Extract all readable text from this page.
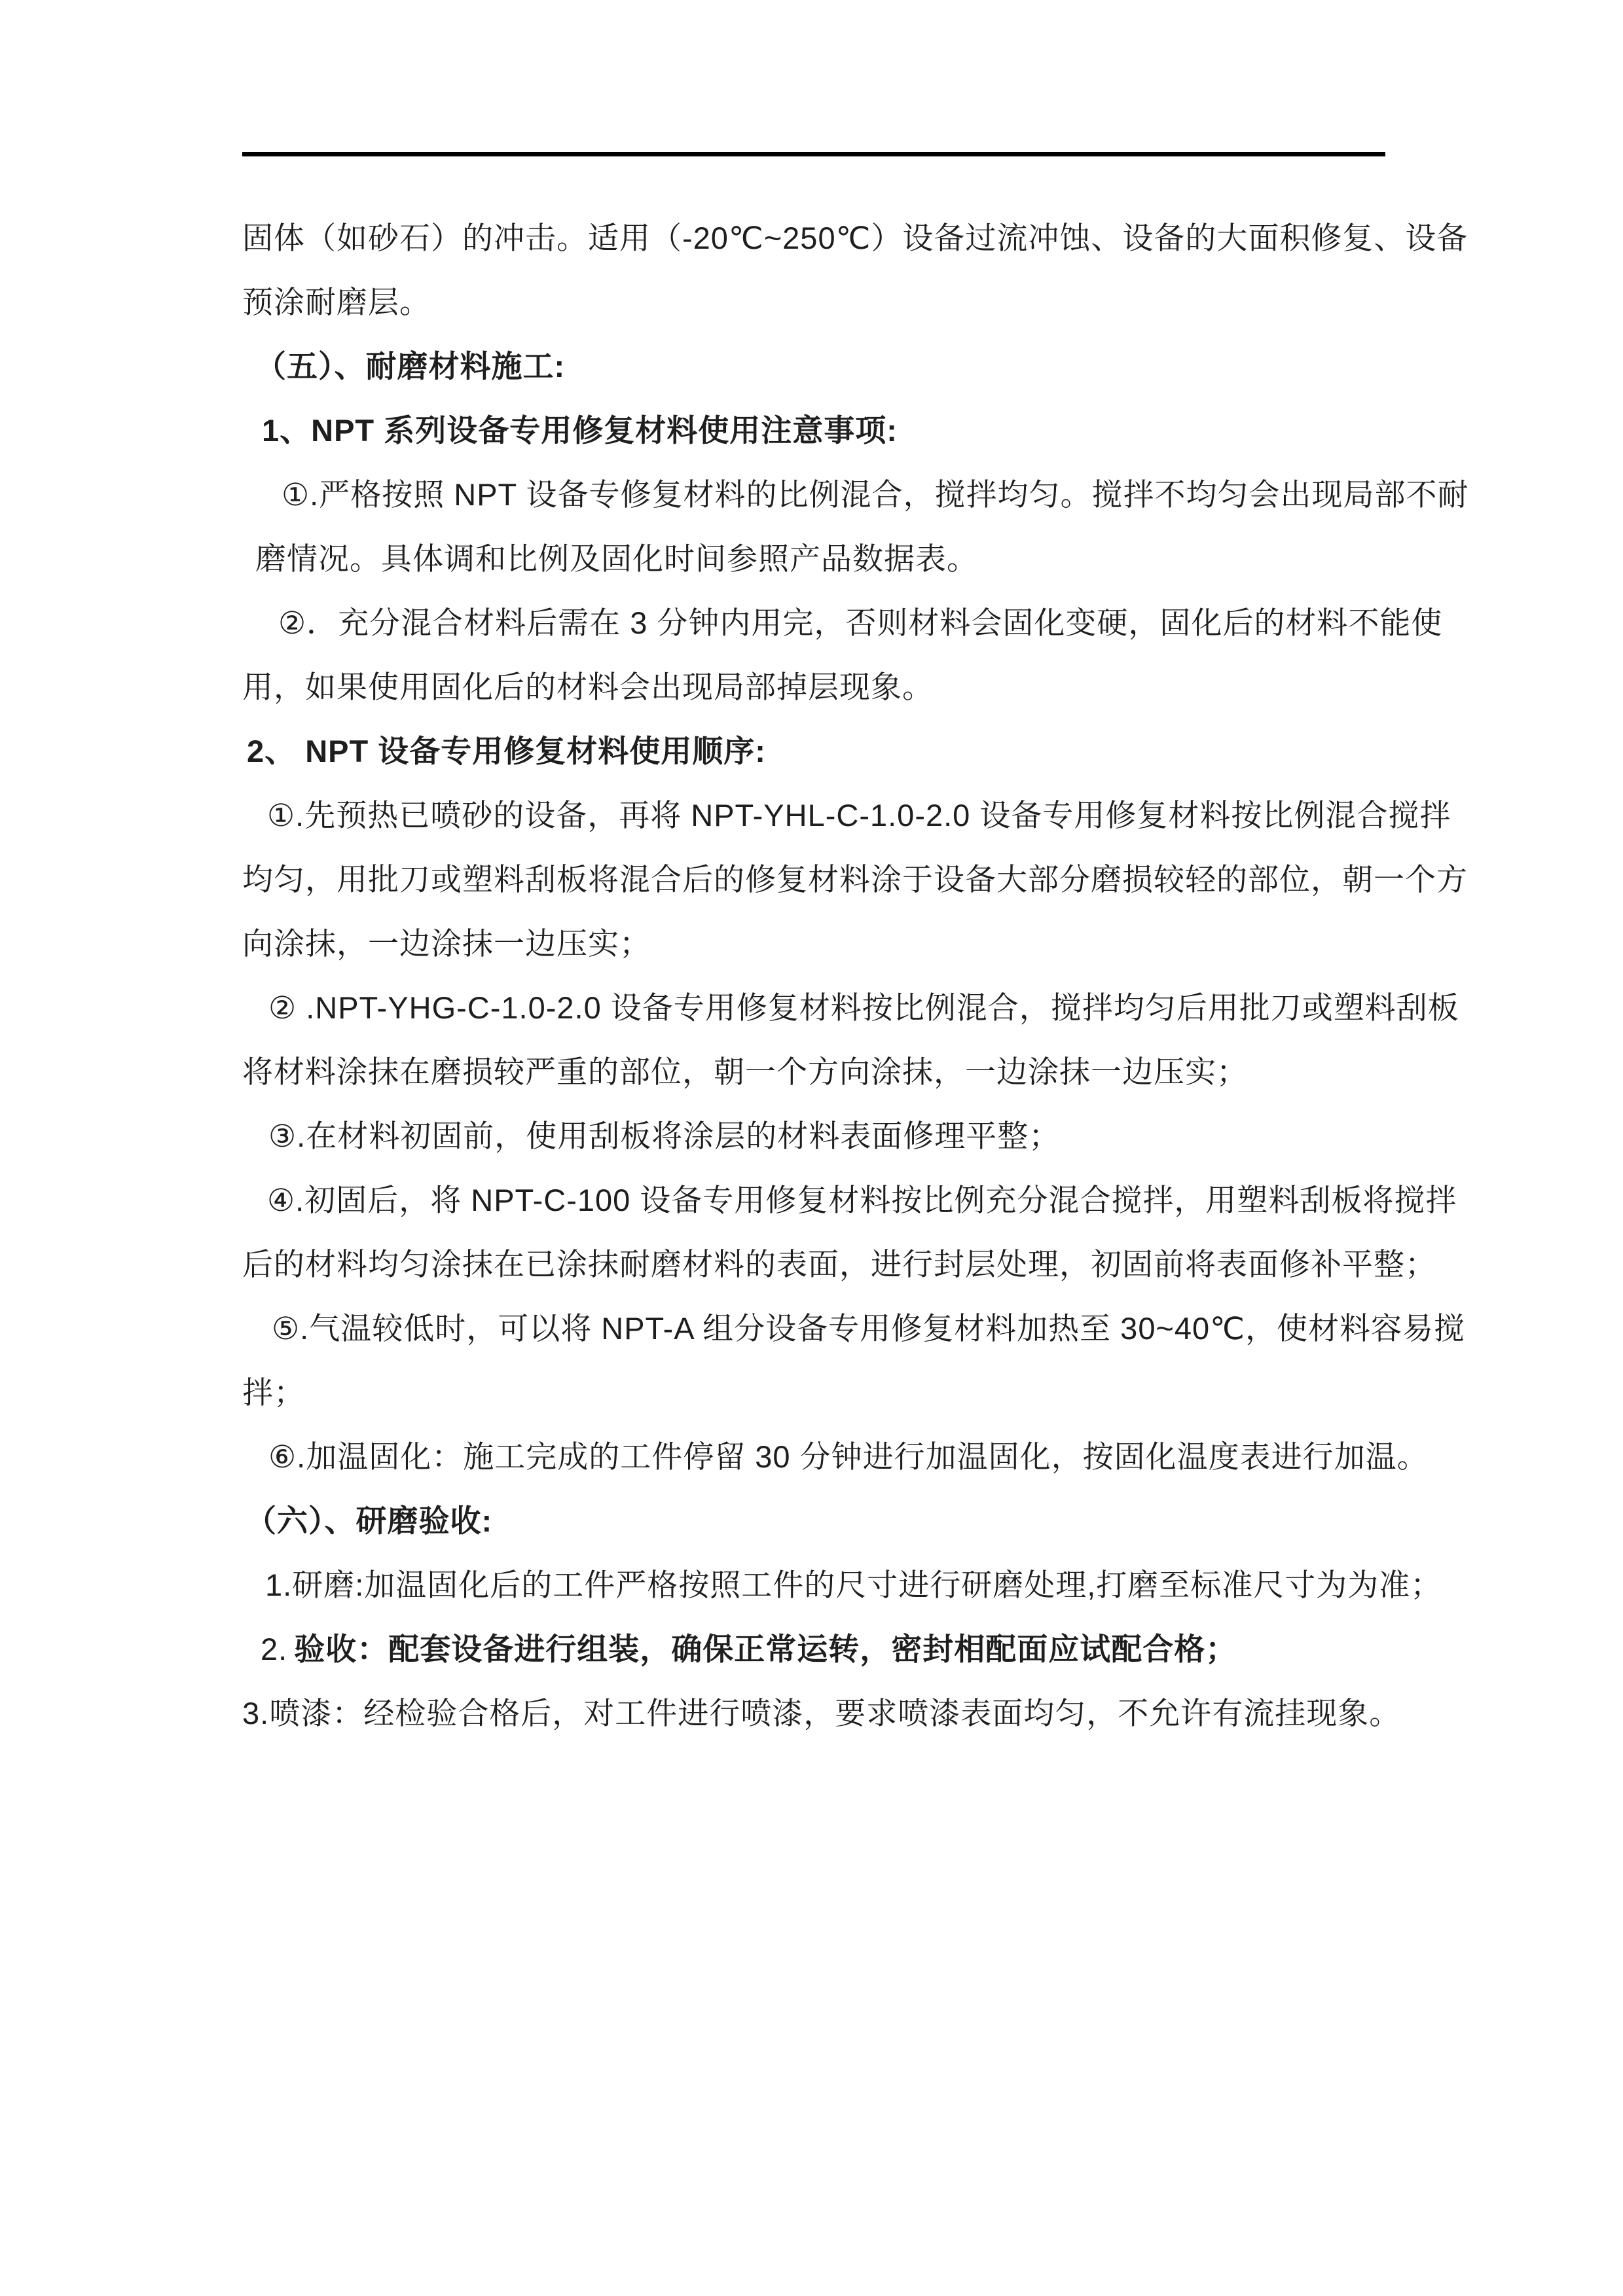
固体（如砂石）的冲击。适用（-20℃~250℃）设备过流冲蚀、设备的大面积修复、设备
预涂耐磨层。
（五）、耐磨材料施工:
1、NPT 系列设备专用修复材料使用注意事项:
①.严格按照 NPT 设备专修复材料的比例混合，搅拌均匀。搅拌不均匀会出现局部不耐
磨情况。具体调和比例及固化时间参照产品数据表。
②．充分混合材料后需在 3 分钟内用完，否则材料会固化变硬，固化后的材料不能使
用，如果使用固化后的材料会出现局部掉层现象。
2、 NPT 设备专用修复材料使用顺序:
①.先预热已喷砂的设备，再将 NPT-YHL-C-1.0-2.0 设备专用修复材料按比例混合搅拌
均匀，用批刀或塑料刮板将混合后的修复材料涂于设备大部分磨损较轻的部位，朝一个方
向涂抹，一边涂抹一边压实；
② .NPT-YHG-C-1.0-2.0 设备专用修复材料按比例混合，搅拌均匀后用批刀或塑料刮板
将材料涂抹在磨损较严重的部位，朝一个方向涂抹，一边涂抹一边压实；
③.在材料初固前，使用刮板将涂层的材料表面修理平整；
④.初固后，将 NPT-C-100 设备专用修复材料按比例充分混合搅拌，用塑料刮板将搅拌
后的材料均匀涂抹在已涂抹耐磨材料的表面，进行封层处理，初固前将表面修补平整；
⑤.气温较低时，可以将 NPT-A 组分设备专用修复材料加热至 30~40℃，使材料容易搅
拌；
⑥.加温固化：施工完成的工件停留 30 分钟进行加温固化，按固化温度表进行加温。
（六）、研磨验收:
1.研磨:加温固化后的工件严格按照工件的尺寸进行研磨处理,打磨至标准尺寸为为准；
2. 验收：配套设备进行组装，确保正常运转，密封相配面应试配合格；
3.喷漆：经检验合格后，对工件进行喷漆，要求喷漆表面均匀，不允许有流挂现象。
